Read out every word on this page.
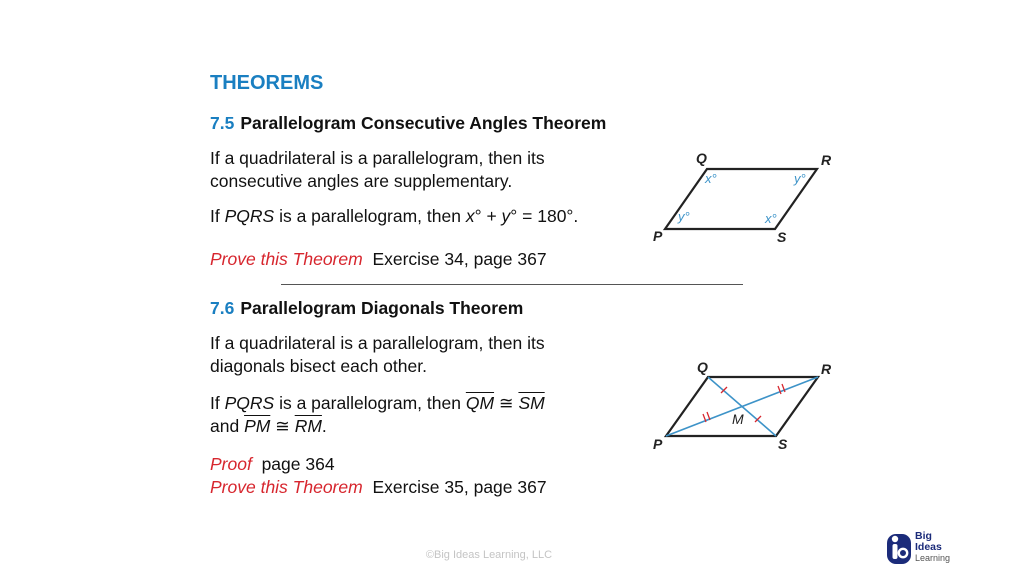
THEOREMS
7.5 Parallelogram Consecutive Angles Theorem
If a quadrilateral is a parallelogram, then its
consecutive angles are supplementary.
If PQRS is a parallelogram, then x° + y° = 180°.
Prove this Theorem Exercise 34, page 367
Q	R
P	S
x°	y°
y°	x°
7.6 Parallelogram Diagonals Theorem
If a quadrilateral is a parallelogram, then its
diagonals bisect each other.
If PQRS is a parallelogram, then $\overline{QM}$ ≅ $\overline{SM}$
and $\overline{PM}$ ≅ $\overline{RM}$.
Proof page 364
Prove this Theorem Exercise 35, page 367
Q	R
P	S
M
©Big Ideas Learning, LLC
Big
Ideas
Learning
